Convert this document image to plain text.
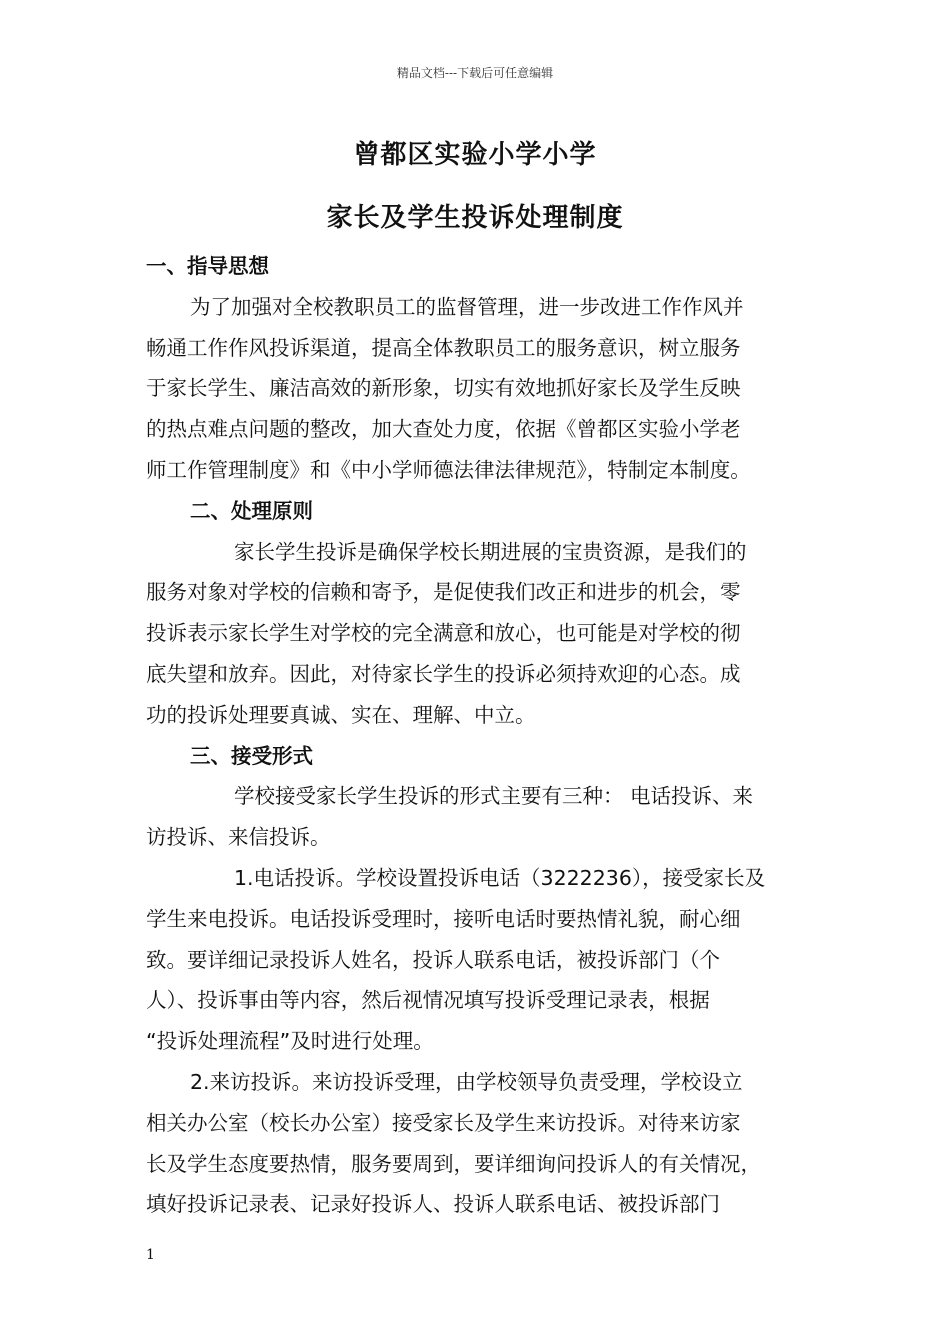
精品文档---下载后可任意编辑
曾都区实验小学小学
家长及学生投诉处理制度
一、指导思想
为了加强对全校教职员工的监督管理，进一步改进工作作风并
畅通工作作风投诉渠道，提高全体教职员工的服务意识，树立服务
于家长学生、廉洁高效的新形象，切实有效地抓好家长及学生反映
的热点难点问题的整改，加大查处力度，依据《曾都区实验小学老
师工作管理制度》和《中小学师德法律法律规范》，特制定本制度。
二、处理原则
家长学生投诉是确保学校长期进展的宝贵资源，是我们的
服务对象对学校的信赖和寄予，是促使我们改正和进步的机会，零
投诉表示家长学生对学校的完全满意和放心，也可能是对学校的彻
底失望和放弃。因此，对待家长学生的投诉必须持欢迎的心态。成
功的投诉处理要真诚、实在、理解、中立。
三、接受形式
学校接受家长学生投诉的形式主要有三种： 电话投诉、来
访投诉、来信投诉。
1.电话投诉。学校设置投诉电话（3222236），接受家长及
学生来电投诉。电话投诉受理时，接听电话时要热情礼貌，耐心细
致。要详细记录投诉人姓名，投诉人联系电话，被投诉部门（个
人）、投诉事由等内容，然后视情况填写投诉受理记录表，根据
“投诉处理流程”及时进行处理。
2.来访投诉。来访投诉受理，由学校领导负责受理，学校设立
相关办公室（校长办公室）接受家长及学生来访投诉。对待来访家
长及学生态度要热情，服务要周到，要详细询问投诉人的有关情况，
填好投诉记录表、记录好投诉人、投诉人联系电话、被投诉部门
1
